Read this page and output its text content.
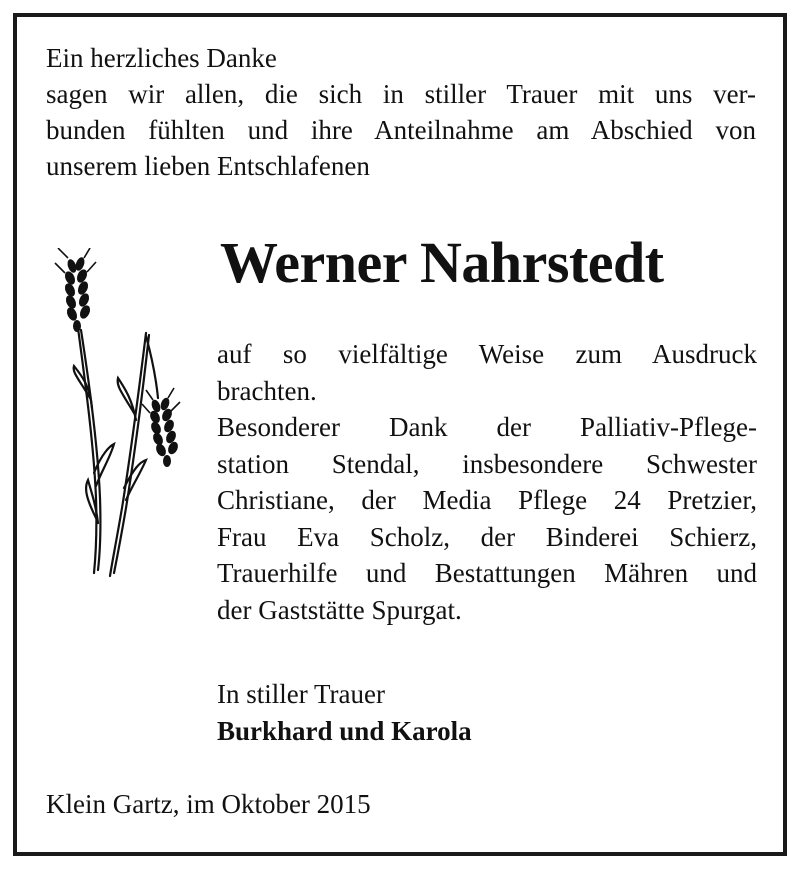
Ein herzliches Danke
sagen wir allen, die sich in stiller Trauer mit uns ver-
bunden fühlten und ihre Anteilnahme am Abschied von
unserem lieben Entschlafenen
Werner Nahrstedt
auf so vielfältige Weise zum Ausdruck
brachten.
Besonderer Dank der Palliativ-Pflege-
station Stendal, insbesondere Schwester
Christiane, der Media Pflege 24 Pretzier,
Frau Eva Scholz, der Binderei Schierz,
Trauerhilfe und Bestattungen Mähren und
der Gaststätte Spurgat.
In stiller Trauer
Burkhard und Karola
Klein Gartz, im Oktober 2015
